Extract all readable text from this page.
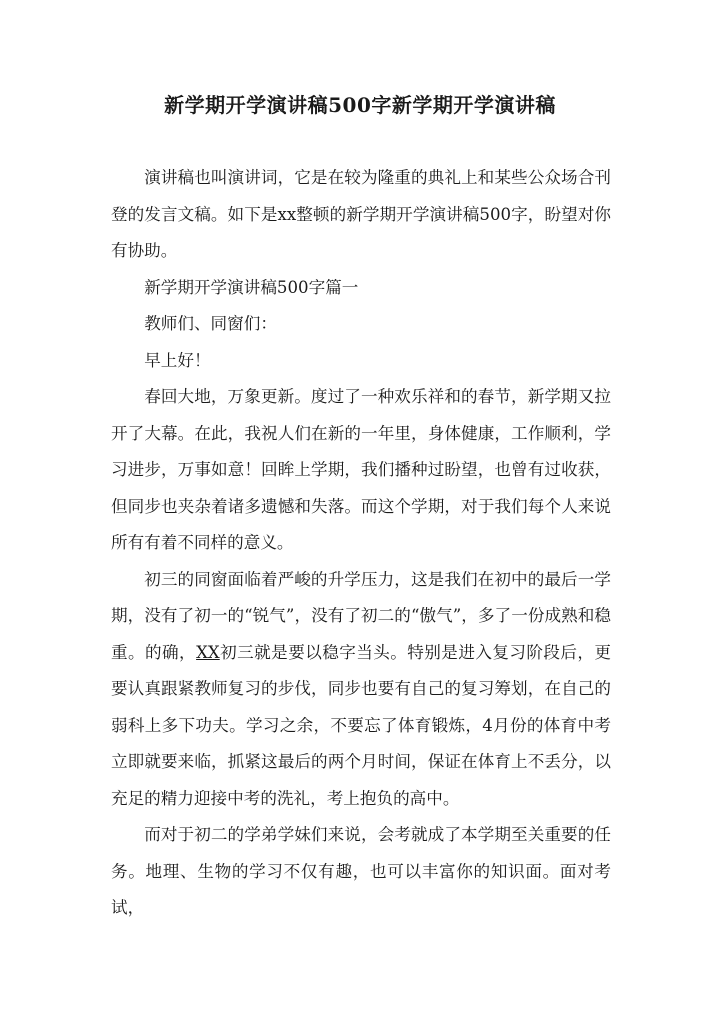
新学期开学演讲稿500字新学期开学演讲稿

演讲稿也叫演讲词，它是在较为隆重的典礼上和某些公众场合刊登的发言文稿。如下是xx整顿的新学期开学演讲稿500字，盼望对你有协助。

新学期开学演讲稿500字篇一

教师们、同窗们：

早上好！

春回大地，万象更新。度过了一种欢乐祥和的春节，新学期又拉开了大幕。在此，我祝人们在新的一年里，身体健康，工作顺利，学习进步，万事如意！回眸上学期，我们播种过盼望，也曾有过收获，但同步也夹杂着诸多遗憾和失落。而这个学期，对于我们每个人来说所有有着不同样的意义。

初三的同窗面临着严峻的升学压力，这是我们在初中的最后一学期，没有了初一的“锐气”，没有了初二的“傲气”，多了一份成熟和稳重。的确，XX初三就是要以稳字当头。特别是进入复习阶段后，更要认真跟紧教师复习的步伐，同步也要有自己的复习筹划，在自己的弱科上多下功夫。学习之余，不要忘了体育锻炼，4月份的体育中考立即就要来临，抓紧这最后的两个月时间，保证在体育上不丢分，以充足的精力迎接中考的洗礼，考上抱负的高中。

而对于初二的学弟学妹们来说，会考就成了本学期至关重要的任务。地理、生物的学习不仅有趣，也可以丰富你的知识面。面对考试，
